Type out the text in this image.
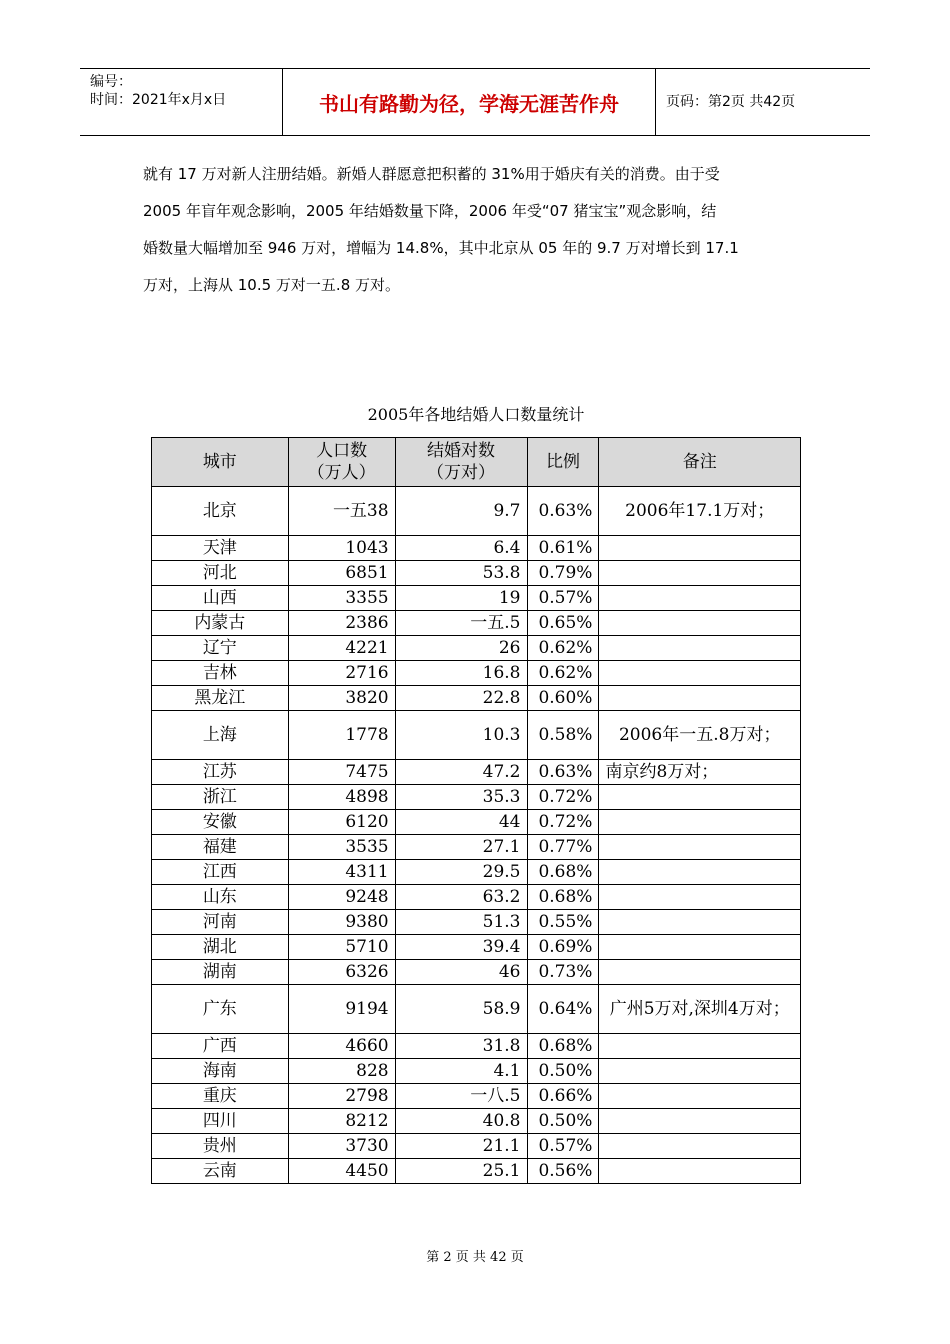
编号：
时间：2021年x月x日	书山有路勤为径，学海无涯苦作舟	页码：第2页 共42页

就有 17 万对新人注册结婚。新婚人群愿意把积蓄的 31%用于婚庆有关的消费。由于受

2005 年盲年观念影响，2005 年结婚数量下降，2006 年受“07 猪宝宝”观念影响，结

婚数量大幅增加至 946 万对，增幅为 14.8%，其中北京从 05 年的 9.7 万对增长到 17.1

万对，上海从 10.5 万对一五.8 万对。

2005年各地结婚人口数量统计
城市	人口数（万人）	结婚对数（万对）	比例	备注
北京	一五38	9.7	0.63%	2006年17.1万对；
天津	1043	6.4	0.61%	
河北	6851	53.8	0.79%	
山西	3355	19	0.57%	
内蒙古	2386	一五.5	0.65%	
辽宁	4221	26	0.62%	
吉林	2716	16.8	0.62%	
黑龙江	3820	22.8	0.60%	
上海	1778	10.3	0.58%	2006年一五.8万对；
江苏	7475	47.2	0.63%	南京约8万对；
浙江	4898	35.3	0.72%	
安徽	6120	44	0.72%	
福建	3535	27.1	0.77%	
江西	4311	29.5	0.68%	
山东	9248	63.2	0.68%	
河南	9380	51.3	0.55%	
湖北	5710	39.4	0.69%	
湖南	6326	46	0.73%	
广东	9194	58.9	0.64%	广州5万对,深圳4万对；
广西	4660	31.8	0.68%	
海南	828	4.1	0.50%	
重庆	2798	一八.5	0.66%	
四川	8212	40.8	0.50%	
贵州	3730	21.1	0.57%	
云南	4450	25.1	0.56%	
第 2 页 共 42 页
